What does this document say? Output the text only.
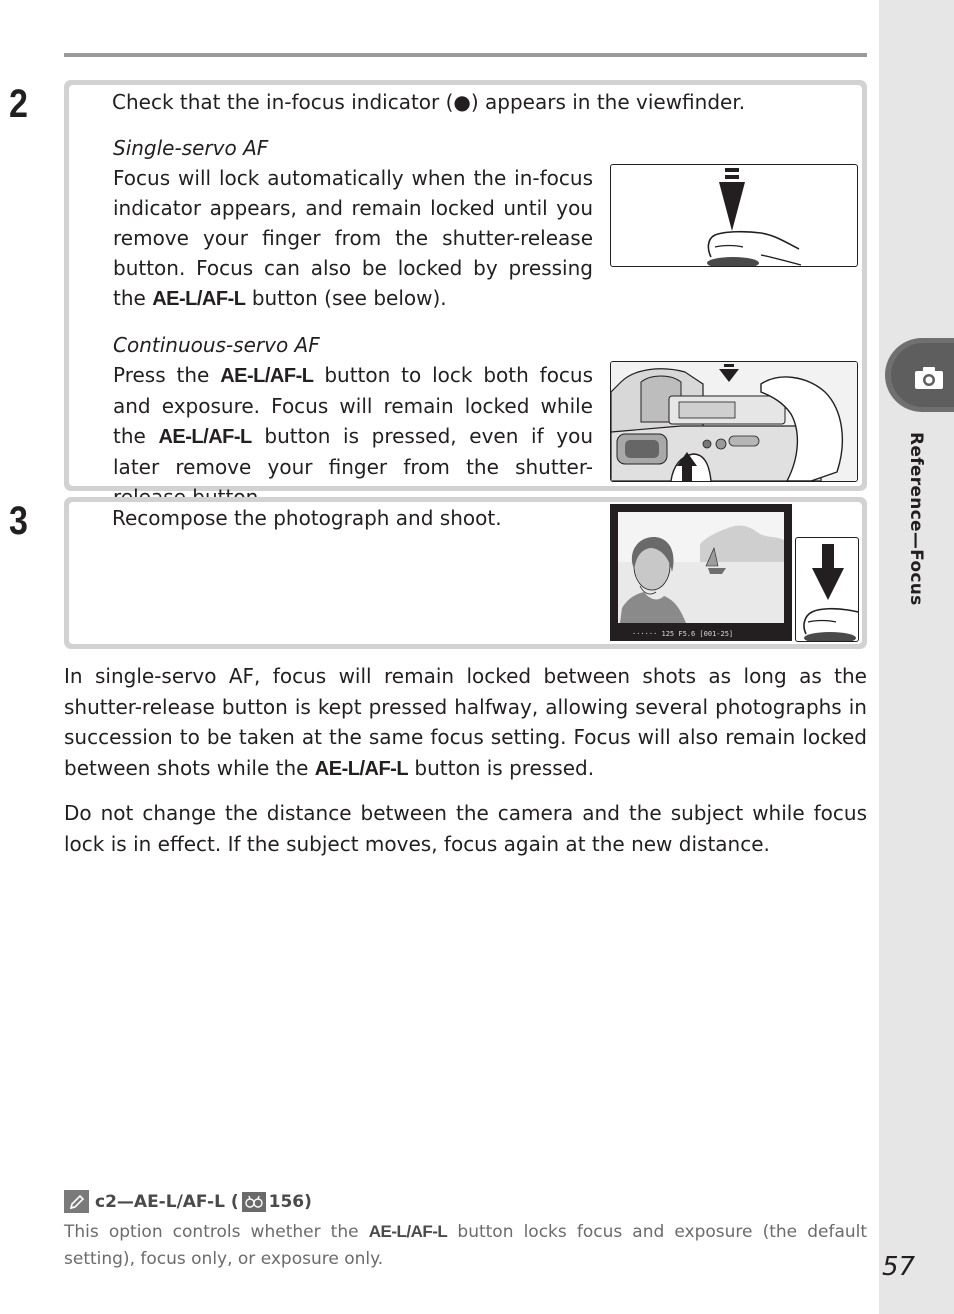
Reference—Focus
57
2	Check that the in-focus indicator (●) appears in the viewfinder.
Single-servo AF
Focus will lock automatically when the in-focus indicator appears, and remain locked until you remove your finger from the shutter-release button. Focus can also be locked by pressing the AE-L/AF-L button (see below).
Continuous-servo AF
Press the AE-L/AF-L button to lock both focus and exposure. Focus will remain locked while the AE-L/AF-L button is pressed, even if you later remove your finger from the shutter-
3	Recompose the photograph and shoot.
······ 125 F5.6 [001-25]
In single-servo AF, focus will remain locked between shots as long as the shutter-release button is kept pressed halfway, allowing several photographs in succession to be taken at the same focus setting. Focus will also remain locked between shots while the AE-L/AF-L button is pressed.
Do not change the distance between the camera and the subject while focus lock is in effect. If the subject moves, focus again at the new distance.
c2—AE-L/AF-L ( 156)
This option controls whether the AE-L/AF-L button locks focus and exposure (the default setting), focus only, or exposure only.
